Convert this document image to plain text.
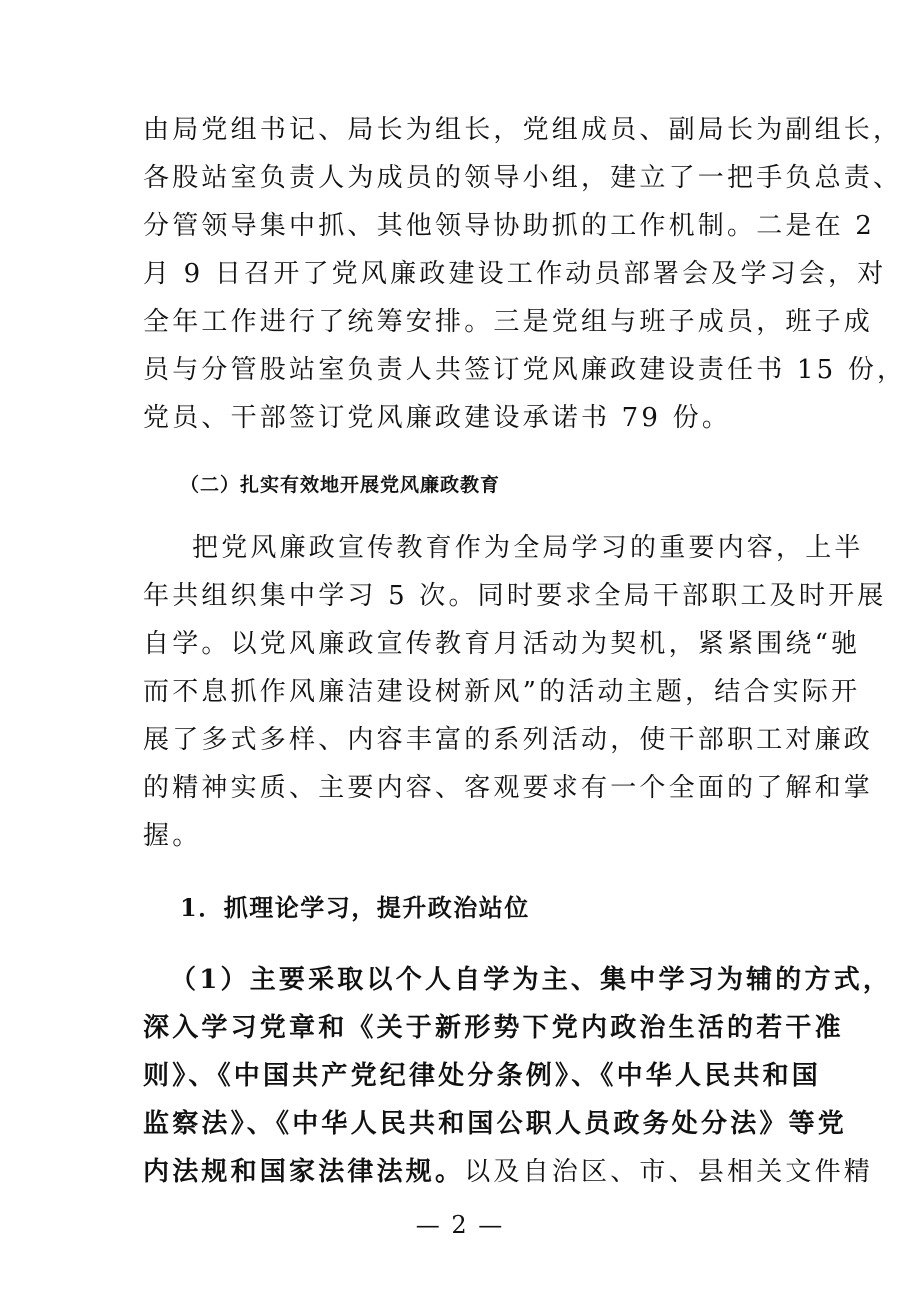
由局党组书记、局长为组长，党组成员、副局长为副组长，
各股站室负责人为成员的领导小组，建立了一把手负总责、
分管领导集中抓、其他领导协助抓的工作机制。二是在 2
月 9 日召开了党风廉政建设工作动员部署会及学习会，对
全年工作进行了统筹安排。三是党组与班子成员，班子成
员与分管股站室负责人共签订党风廉政建设责任书 15 份，
党员、干部签订党风廉政建设承诺书 79 份。
（二）扎实有效地开展党风廉政教育
把党风廉政宣传教育作为全局学习的重要内容，上半
年共组织集中学习 5 次。同时要求全局干部职工及时开展
自学。以党风廉政宣传教育月活动为契机，紧紧围绕“驰
而不息抓作风廉洁建设树新风”的活动主题，结合实际开
展了多式多样、内容丰富的系列活动，使干部职工对廉政
的精神实质、主要内容、客观要求有一个全面的了解和掌
握。
1．抓理论学习，提升政治站位
（1）主要采取以个人自学为主、集中学习为辅的方式，
深入学习党章和《关于新形势下党内政治生活的若干准
则》、《中国共产党纪律处分条例》、《中华人民共和国
监察法》、《中华人民共和国公职人员政务处分法》等党
内法规和国家法律法规。以及自治区、市、县相关文件精
— 2 —
